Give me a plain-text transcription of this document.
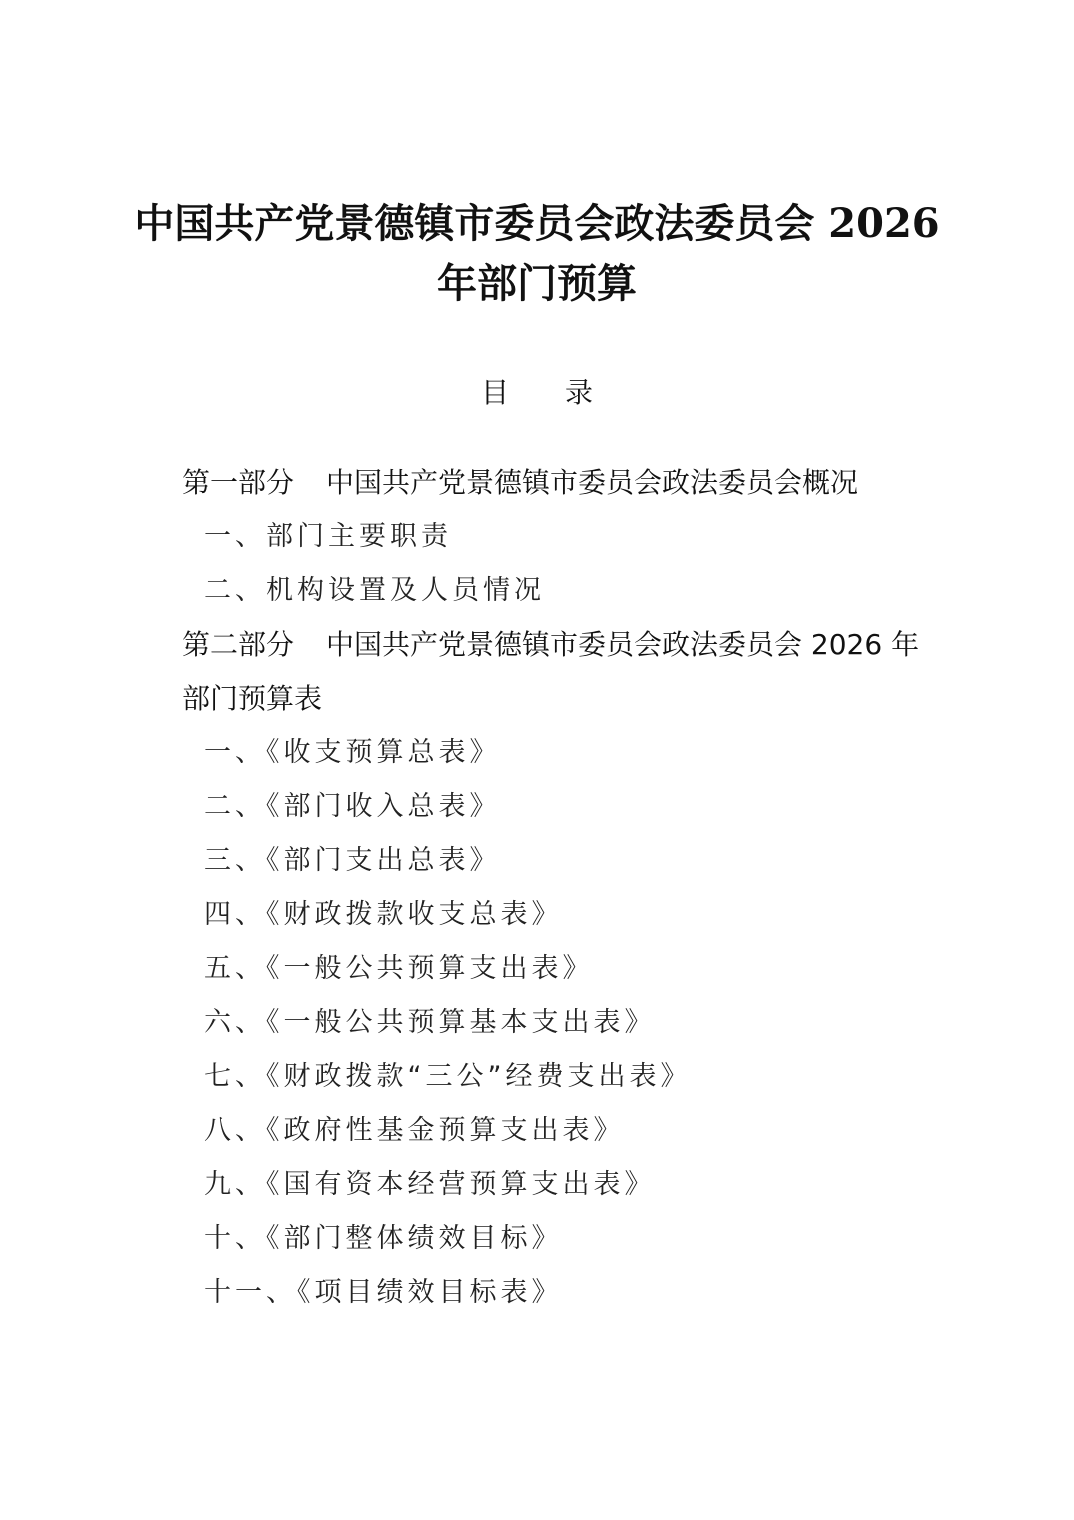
中国共产党景德镇市委员会政法委员会 2026
年部门预算
目 录
第一部分 中国共产党景德镇市委员会政法委员会概况
一、部门主要职责
二、机构设置及人员情况
第二部分 中国共产党景德镇市委员会政法委员会 2026 年
部门预算表
一、《收支预算总表》
二、《部门收入总表》
三、《部门支出总表》
四、《财政拨款收支总表》
五、《一般公共预算支出表》
六、《一般公共预算基本支出表》
七、《财政拨款“三公”经费支出表》
八、《政府性基金预算支出表》
九、《国有资本经营预算支出表》
十、《部门整体绩效目标》
十一、《项目绩效目标表》
